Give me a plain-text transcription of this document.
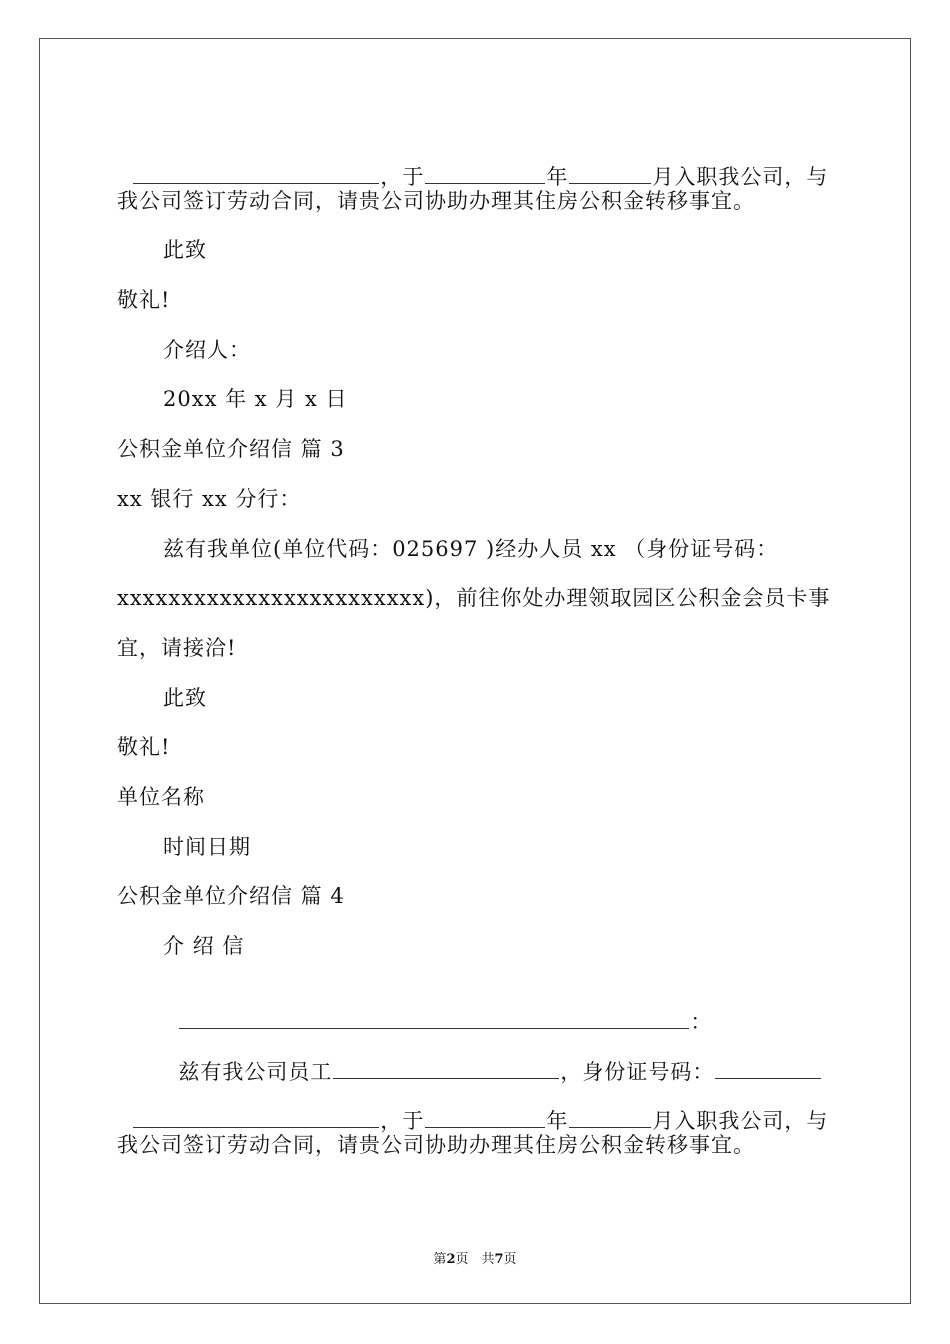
，于	年	月入职我公司，与

我公司签订劳动合同，请贵公司协助办理其住房公积金转移事宜。
此致
敬礼!
介绍人：
20xx 年 x 月 x 日
公积金单位介绍信 篇 3
xx 银行 xx 分行：
兹有我单位(单位代码：025697 )经办人员 xx （身份证号码：
xxxxxxxxxxxxxxxxxxxxxxxx)，前往你处办理领取园区公积金会员卡事
宜，请接洽!
此致
敬礼!
单位名称
时间日期
公积金单位介绍信 篇 4
介 绍 信

：

兹有我公司员工	，身份证号码：

，于	年	月入职我公司，与

我公司签订劳动合同，请贵公司协助办理其住房公积金转移事宜。
第2页　共7页
